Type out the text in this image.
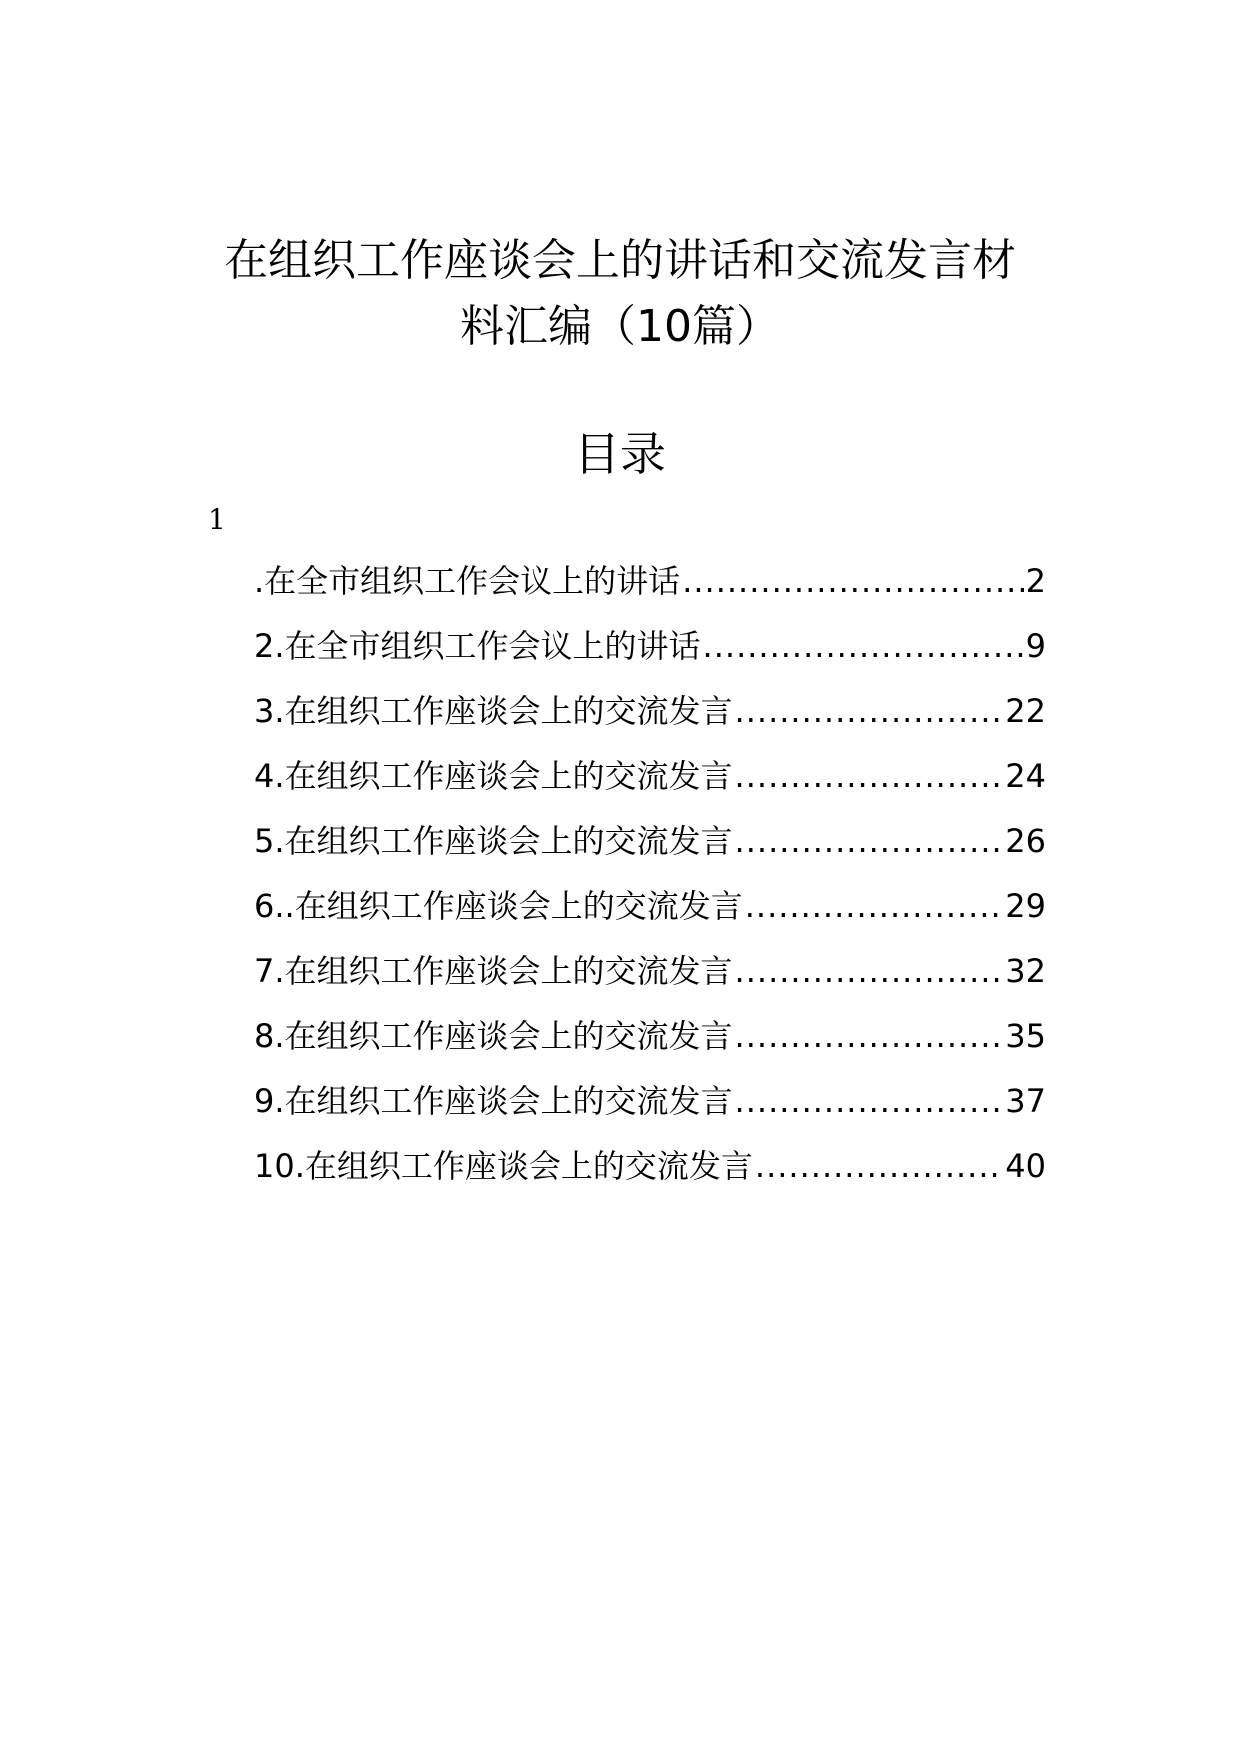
在组织工作座谈会上的讲话和交流发言材
料汇编（10篇）
目录
1
.在全市组织工作会议上的讲话 .....	2
2.在全市组织工作会议上的讲话 .....	9
3.在组织工作座谈会上的交流发言 .....	22
4.在组织工作座谈会上的交流发言 .....	24
5.在组织工作座谈会上的交流发言 .....	26
6..在组织工作座谈会上的交流发言 .....	29
7.在组织工作座谈会上的交流发言 .....	32
8.在组织工作座谈会上的交流发言 .....	35
9.在组织工作座谈会上的交流发言 .....	37
10.在组织工作座谈会上的交流发言 .....	40
